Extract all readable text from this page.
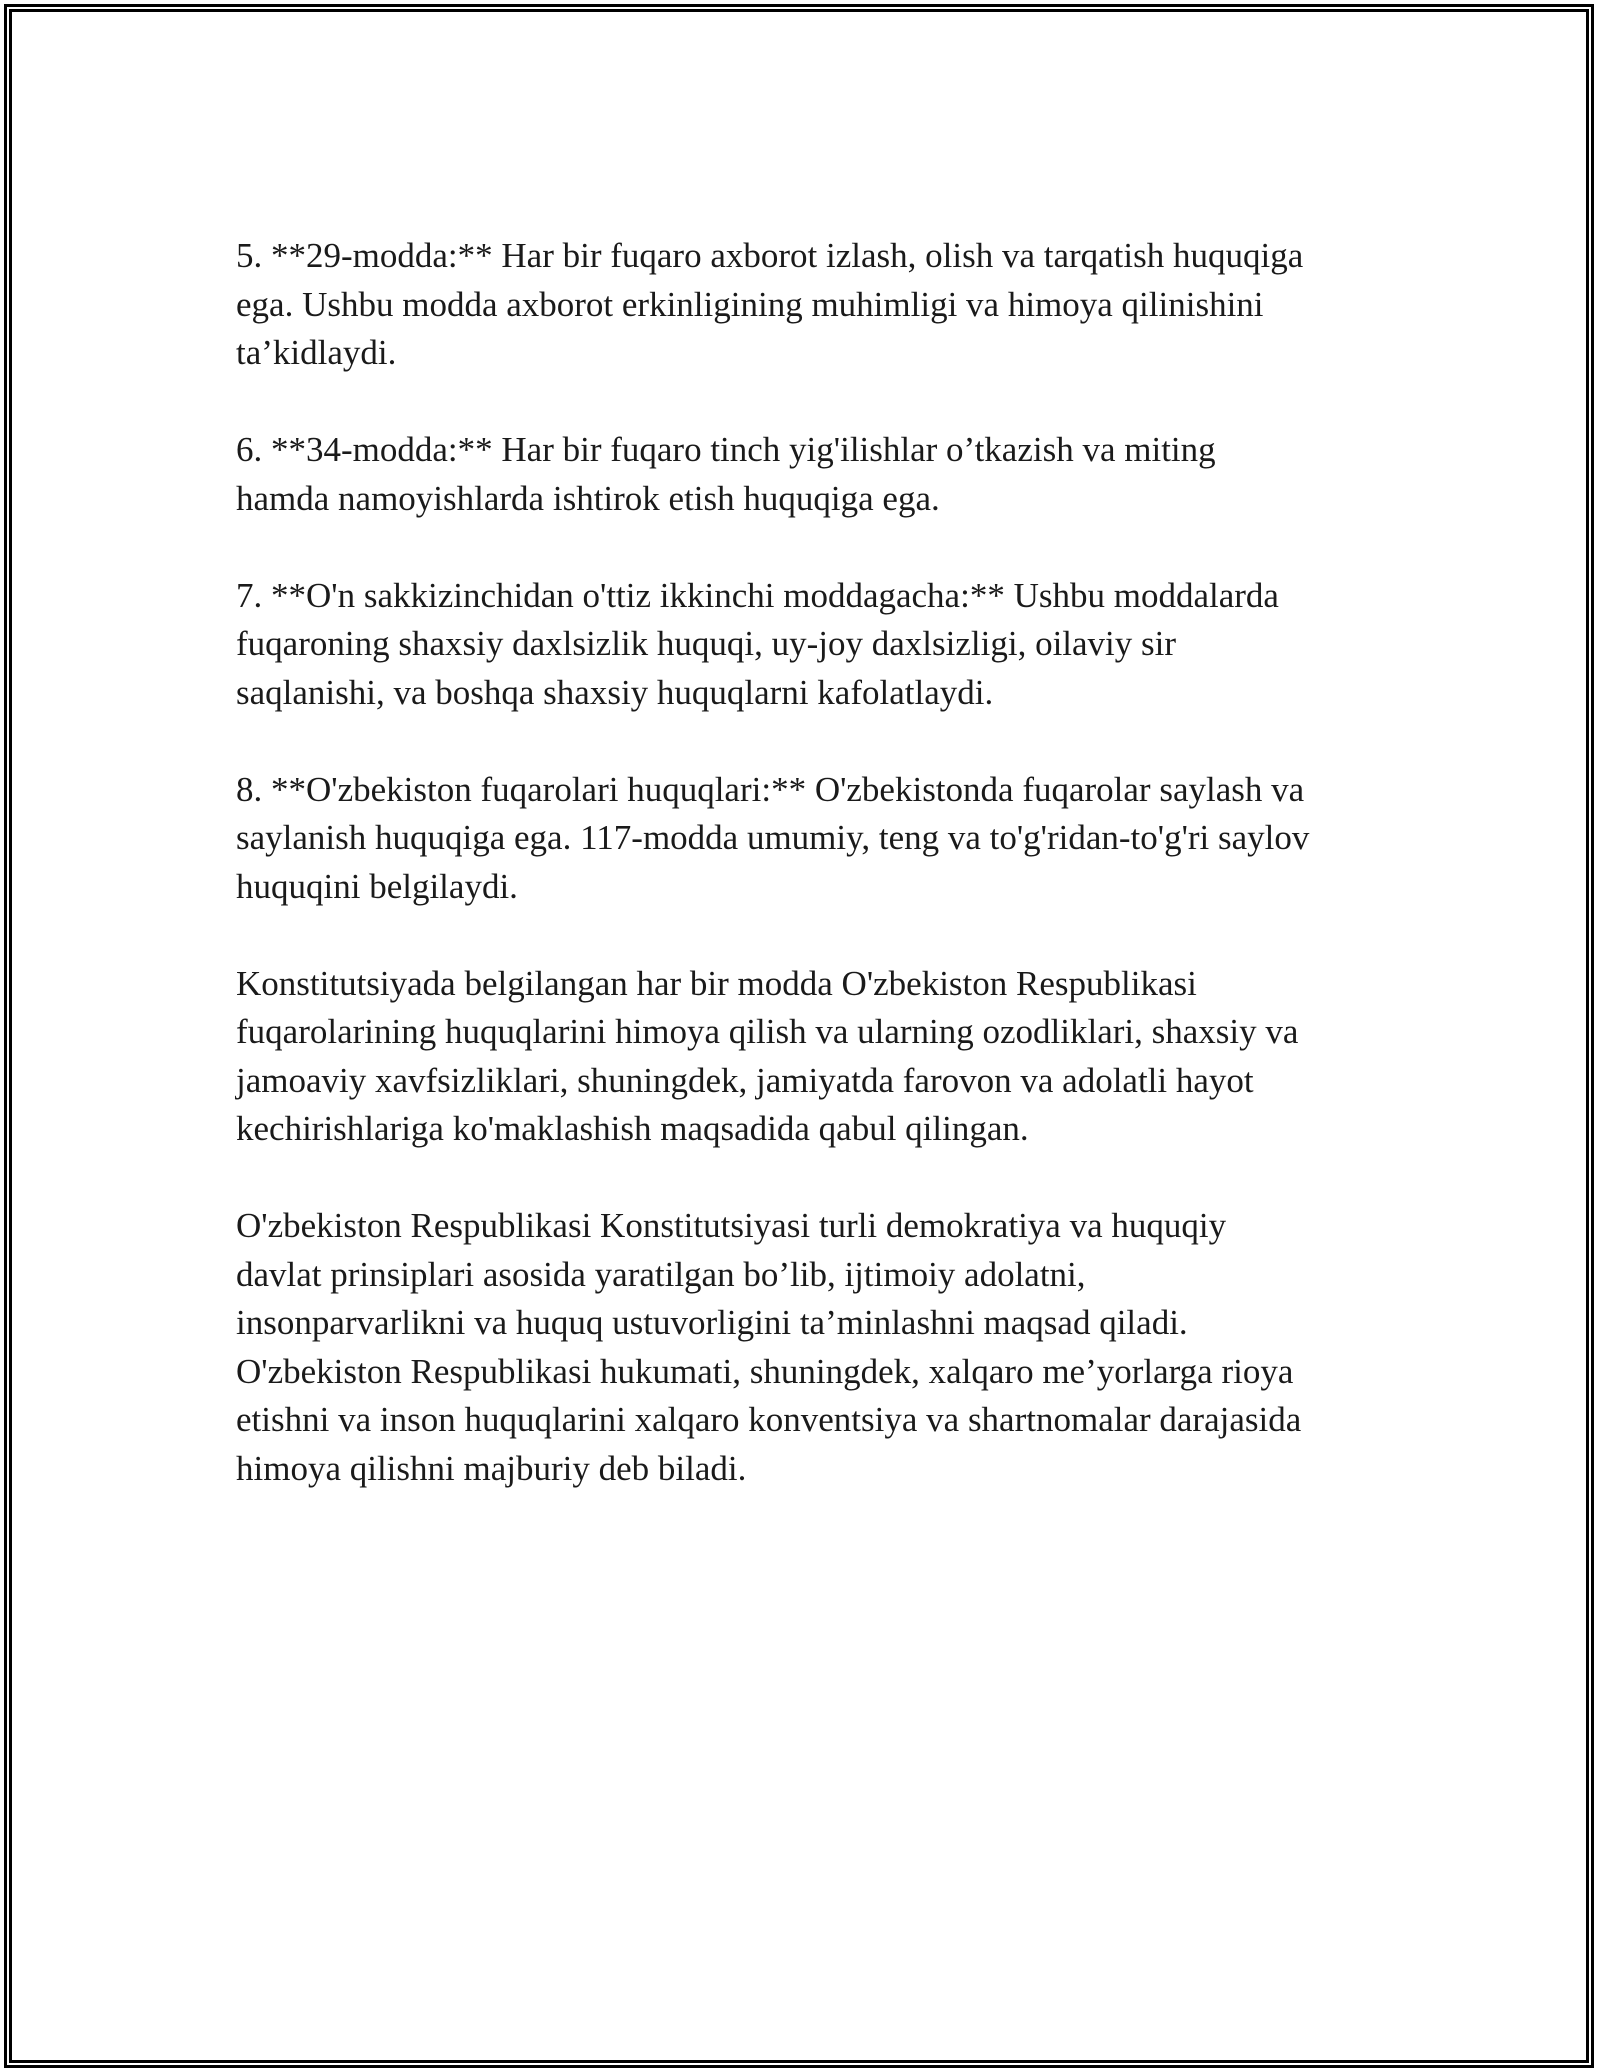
5. **29-modda:** Har bir fuqaro axborot izlash, olish va tarqatish huquqiga
ega. Ushbu modda axborot erkinligining muhimligi va himoya qilinishini
ta’kidlaydi.

6. **34-modda:** Har bir fuqaro tinch yig'ilishlar o’tkazish va miting
hamda namoyishlarda ishtirok etish huquqiga ega.

7. **O'n sakkizinchidan o'ttiz ikkinchi moddagacha:** Ushbu moddalarda
fuqaroning shaxsiy daxlsizlik huquqi, uy-joy daxlsizligi, oilaviy sir
saqlanishi, va boshqa shaxsiy huquqlarni kafolatlaydi.

8. **O'zbekiston fuqarolari huquqlari:** O'zbekistonda fuqarolar saylash va
saylanish huquqiga ega. 117-modda umumiy, teng va to'g'ridan-to'g'ri saylov
huquqini belgilaydi.

Konstitutsiyada belgilangan har bir modda O'zbekiston Respublikasi
fuqarolarining huquqlarini himoya qilish va ularning ozodliklari, shaxsiy va
jamoaviy xavfsizliklari, shuningdek, jamiyatda farovon va adolatli hayot
kechirishlariga ko'maklashish maqsadida qabul qilingan.

O'zbekiston Respublikasi Konstitutsiyasi turli demokratiya va huquqiy
davlat prinsiplari asosida yaratilgan bo’lib, ijtimoiy adolatni,
insonparvarlikni va huquq ustuvorligini ta’minlashni maqsad qiladi.
O'zbekiston Respublikasi hukumati, shuningdek, xalqaro me’yorlarga rioya
etishni va inson huquqlarini xalqaro konventsiya va shartnomalar darajasida
himoya qilishni majburiy deb biladi.
